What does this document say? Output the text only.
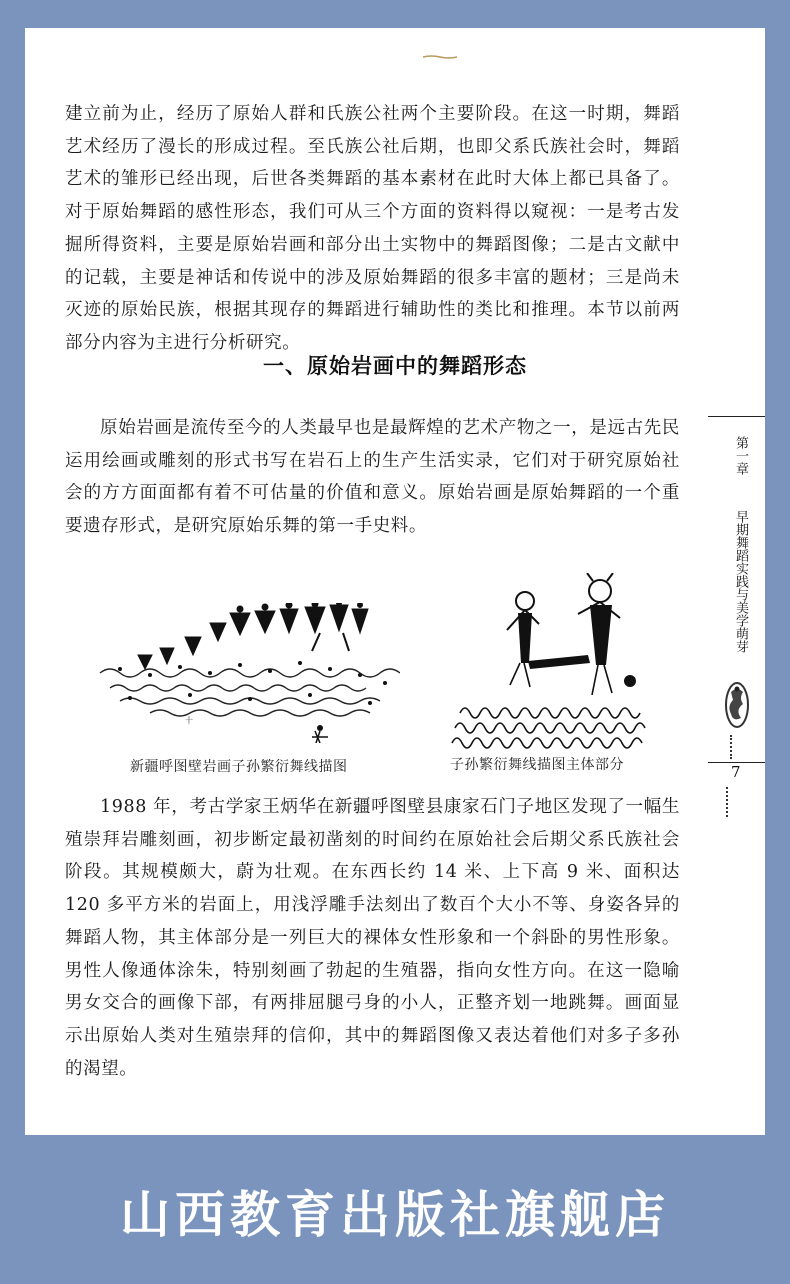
建立前为止，经历了原始人群和氏族公社两个主要阶段。在这一时期，舞蹈艺术经历了漫长的形成过程。至氏族公社后期，也即父系氏族社会时，舞蹈艺术的雏形已经出现，后世各类舞蹈的基本素材在此时大体上都已具备了。对于原始舞蹈的感性形态，我们可从三个方面的资料得以窥视：一是考古发掘所得资料，主要是原始岩画和部分出土实物中的舞蹈图像；二是古文献中的记载，主要是神话和传说中的涉及原始舞蹈的很多丰富的题材；三是尚未灭迹的原始民族，根据其现存的舞蹈进行辅助性的类比和推理。本节以前两部分内容为主进行分析研究。

一、原始岩画中的舞蹈形态

原始岩画是流传至今的人类最早也是最辉煌的艺术产物之一，是远古先民运用绘画或雕刻的形式书写在岩石上的生产生活实录，它们对于研究原始社会的方方面面都有着不可估量的价值和意义。原始岩画是原始舞蹈的一个重要遗存形式，是研究原始乐舞的第一手史料。

第一章
早期舞蹈实践与美学萌芽
7
十
新疆呼图壁岩画子孙繁衍舞线描图	子孙繁衍舞线描图主体部分

1988 年，考古学家王炳华在新疆呼图壁县康家石门子地区发现了一幅生殖崇拜岩雕刻画，初步断定最初凿刻的时间约在原始社会后期父系氏族社会阶段。其规模颇大，蔚为壮观。在东西长约 14 米、上下高 9 米、面积达 120 多平方米的岩面上，用浅浮雕手法刻出了数百个大小不等、身姿各异的舞蹈人物，其主体部分是一列巨大的裸体女性形象和一个斜卧的男性形象。男性人像通体涂朱，特别刻画了勃起的生殖器，指向女性方向。在这一隐喻男女交合的画像下部，有两排屈腿弓身的小人，正整齐划一地跳舞。画面显示出原始人类对生殖崇拜的信仰，其中的舞蹈图像又表达着他们对多子多孙的渴望。

山西教育出版社旗舰店
